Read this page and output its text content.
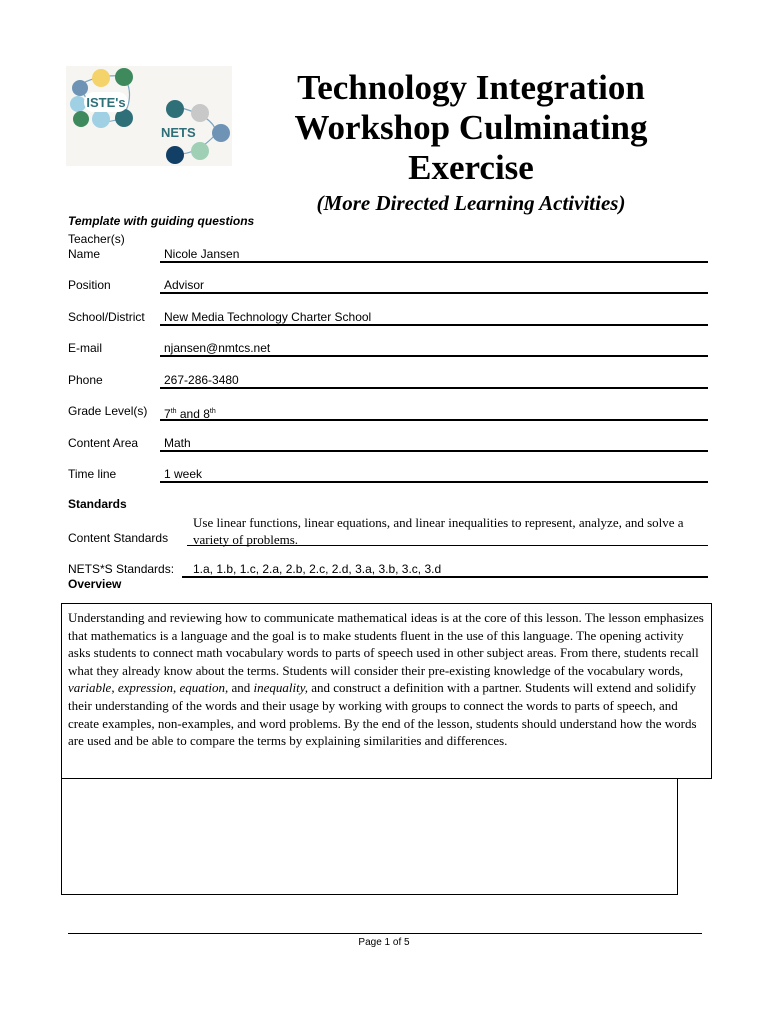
ISTE's
NETS
Technology Integration
Workshop Culminating
Exercise
(More Directed Learning Activities)
Template with guiding questions
Teacher(s)
Name	Nicole Jansen
Position	Advisor
School/District New Media Technology Charter School
E-mail	njansen@nmtcs.net
Phone	267-286-3480
Grade Level(s) 7th and 8th
Content Area Math
Time line	1 week
Standards
Content Standards
Use linear functions, linear equations, and linear inequalities to represent, analyze, and solve a variety of problems.
NETS*S Standards: 1.a, 1.b, 1.c, 2.a, 2.b, 2.c, 2.d, 3.a, 3.b, 3.c, 3.d
Overview
Understanding and reviewing how to communicate mathematical ideas is at the core of this lesson. The lesson emphasizes that mathematics is a language and the goal is to make students fluent in the use of this language. The opening activity asks students to connect math vocabulary words to parts of speech used in other subject areas. From there, students recall what they already know about the terms. Students will consider their pre-existing knowledge of the vocabulary words, variable, expression, equation, and inequality, and construct a definition with a partner. Students will extend and solidify their understanding of the words and their usage by working with groups to connect the words to parts of speech, and create examples, non-examples, and word problems. By the end of the lesson, students should understand how the words are used and be able to compare the terms by explaining similarities and differences.
Page 1 of 5
